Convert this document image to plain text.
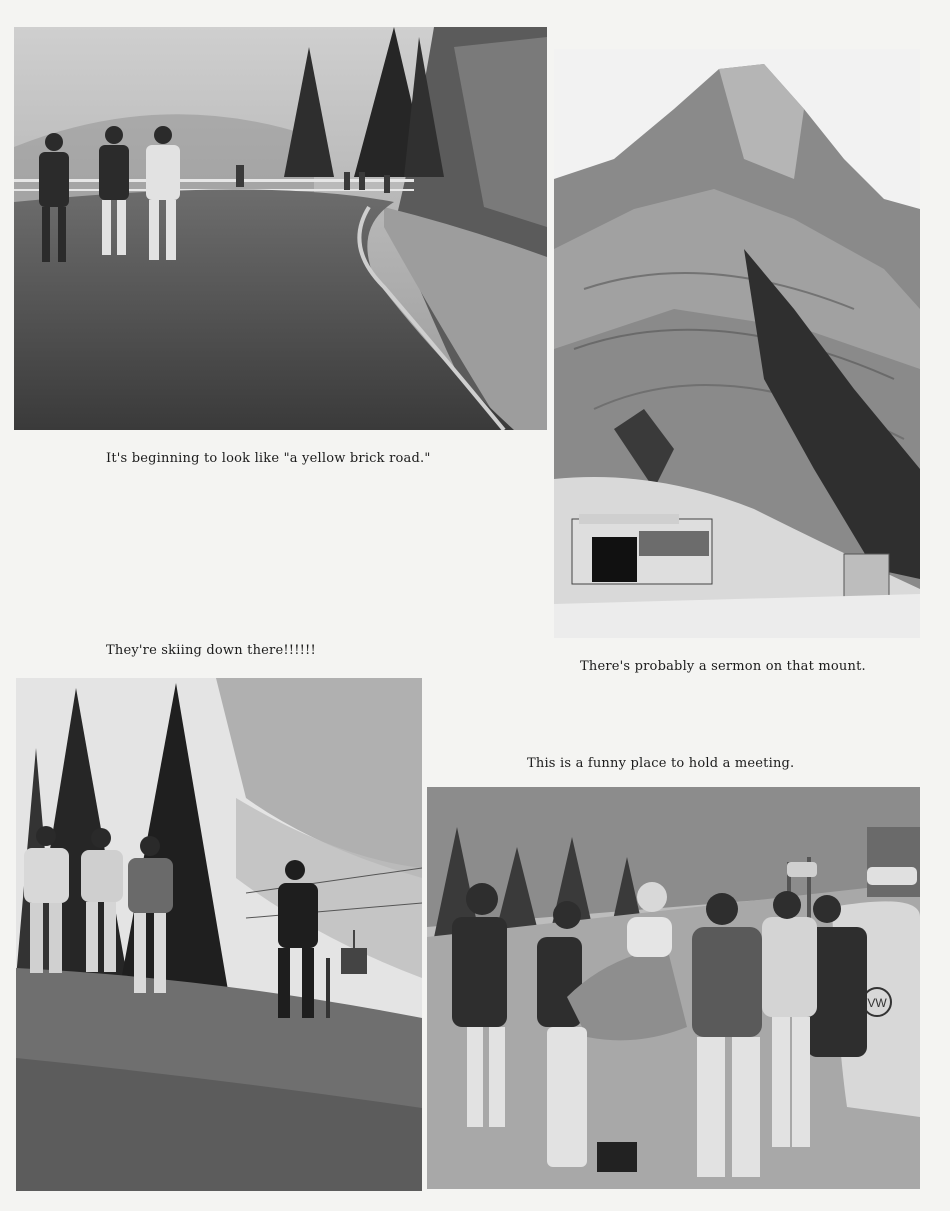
It's beginning to look like "a yellow brick road."

They're skiing down there!!!!!!

There's probably a sermon on that mount.

This is a funny place to hold a meeting.

VW
